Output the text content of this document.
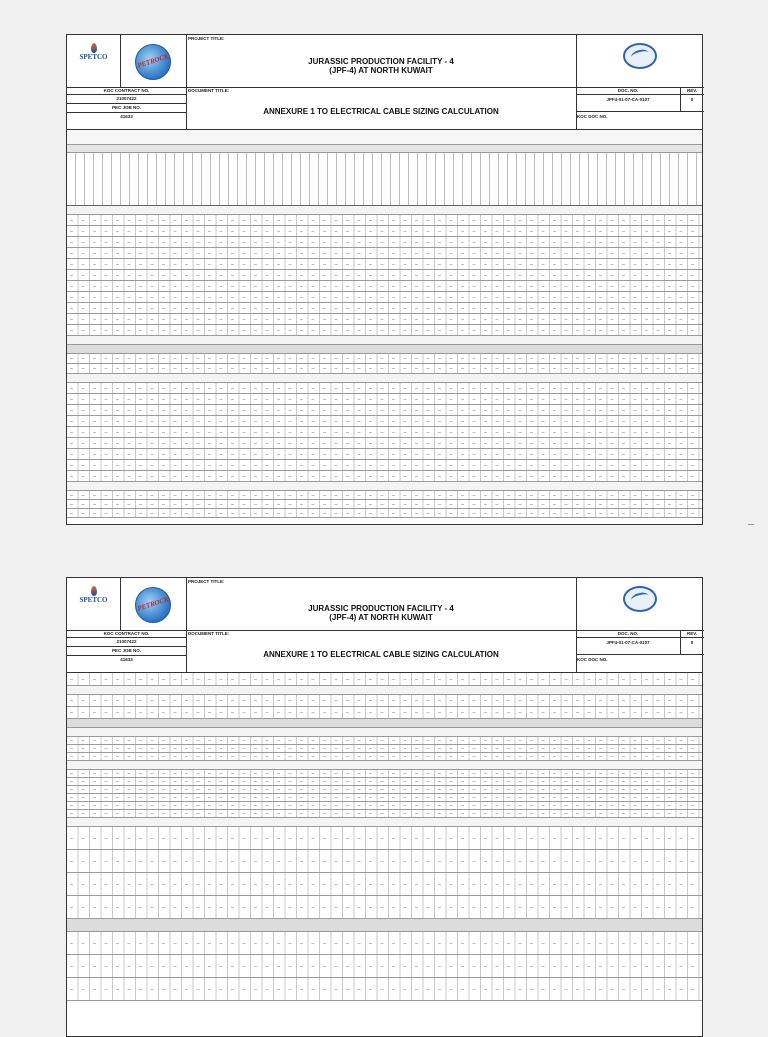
SPETCO	PETROCK
PROJECT TITLE:
JURASSIC PRODUCTION FACILITY - 4
(JPF-4) AT NORTH KUWAIT

KOC CONTRACT NO.
21007422
PEC JOB NO.
41633
DOCUMENT TITLE:
ANNEXURE 1 TO ELECTRICAL CABLE SIZING CALCULATION
DOC. NO.	REV.
JPF4-01-07-CA-0107	0
KOC DOC NO.
SPETCO	PETROCK
PROJECT TITLE:
JURASSIC PRODUCTION FACILITY - 4
(JPF-4) AT NORTH KUWAIT

KOC CONTRACT NO.
21007422
PEC JOB NO.
41633
DOCUMENT TITLE:
ANNEXURE 1 TO ELECTRICAL CABLE SIZING CALCULATION
DOC. NO.	REV.
JPF4-01-07-CA-0107	0
KOC DOC NO.
